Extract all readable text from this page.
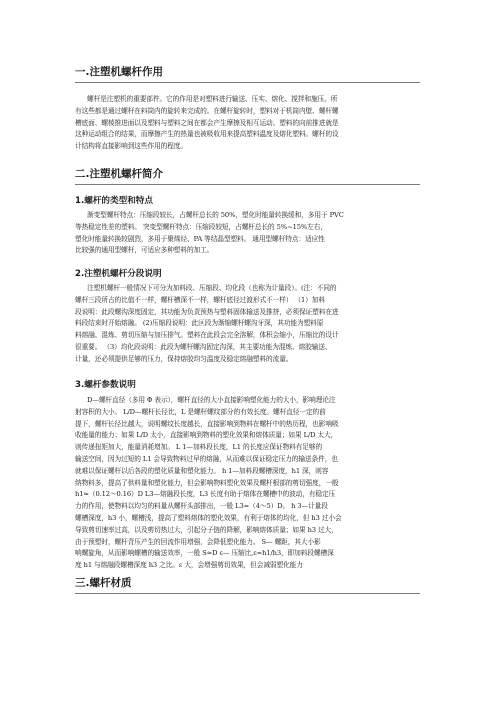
一.注塑机螺杆作用

螺杆是注塑机的重要部件。它的作用是对塑料进行输送、压实、熔化、搅拌和施压。所
有这些都是通过螺杆在料筒内的旋转来完成的。在螺杆旋转时，塑料对于机筒内壁、螺杆螺
槽底面、螺棱推进面以及塑料与塑料之间在都会产生摩擦及相互运动。塑料的向前推进就是
这种运动组合的结果，而摩擦产生的热量也被吸收用来提高塑料温度及熔化塑料。螺杆的设
计结构将直接影响到这些作用的程度。

二.注塑机螺杆简介
1.螺杆的类型和特点

渐变型螺杆特点：压缩段较长，占螺杆总长的 50%，塑化时能量转换缓和，多用于 PVC
等热稳定性差的塑料。 突变型螺杆特点：压缩段较短，占螺杆总长的 5%~15%左右，
塑化时能量转换较剧烈，多用于聚烯烃、PA 等结晶型塑料。 通用型螺杆特点：适应性
比较强的通用型螺杆，可适应多种塑料的加工。

2.注塑机螺杆分段说明

注塑机螺杆一般情况下可分为加料段、压缩段、均化段（也称为计量段）。(注：不同的
螺杆三段所占的比值不一样，螺杆槽深不一样，螺杆底径过渡形式不一样） （1）加料
段说明：此段螺沟深度固定，其功能为负责预热与塑料固体输送及推挤，必须保证塑料在进
料段结束时开始熔融。 (2)压缩段说明：此区段为渐缩螺杆螺沟牙深，其功能为塑料原
料熔融、混炼、剪切压缩与加压排气。塑料在此段会完全溶解，体积会缩小，压缩比的设计
很重要。 （3）均化段说明：此段为螺杆螺沟固定沟深，其主要功能为混炼、熔胶输送、
计量，还必须提供足够的压力，保持熔胶均匀温度及稳定熔融塑料的流量。

3.螺杆参数说明

D—螺杆直径（多用 Φ 表示），螺杆直径的大小直接影响塑化能力的大小，影响理论注
射容积的大小。 L/D—螺杆长径比，L 是螺杆螺纹部分的有效长度。螺杆直径一定的前
提下，螺杆长径比越大，说明螺纹长度越长，直接影响到物料在螺杆中的热历程，也影响吸
收能量的能力；如果 L/D 太小，直接影响到物料的塑化效果和熔体质量；如果 L/D 太大，
则传递扭矩加大，能量消耗增加。 L 1—加料段长度，L1 的长度应保证物料有足够的
输送空间，因为过短的 L1 会导致物料过早的熔融，从而难以保证稳定压力的输送条件，也
就难以保证螺杆以后各段的塑化质量和塑化能力。 h 1—加料段螺槽深度，h1 深，则容
纳物料多，提高了供料量和塑化能力，但会影响物料塑化效果及螺杆根部的剪切强度，一般
h1≈（0.12～0.16）D L3—熔融段长度，L3 长度有助于熔体在螺槽中的波动，有稳定压
力的作用，使物料以均匀的料量从螺杆头部排出，一般 L3=（4～5）D。 h 3—计量段
螺槽深度，h3 小，螺槽浅，提高了塑料熔体的塑化效果，有利于熔体的均化，但 h3 过小会
导致剪切速率过高，以及剪切热过大，引起分子链的降解，影响熔体质量；如果 h3 过大，
由于预塑时，螺杆背压产生的回流作用增强，会降低塑化能力。 S— 螺距，其大小影
响螺旋角，从而影响螺槽的输送效率，一般 S≈D ε— 压缩比,ε=h1/h3，即加料段螺槽深
度 h1 与熔融段螺槽深度 h3 之比。ε 大，会增强剪切效果，但会减弱塑化能力

三.螺杆材质
